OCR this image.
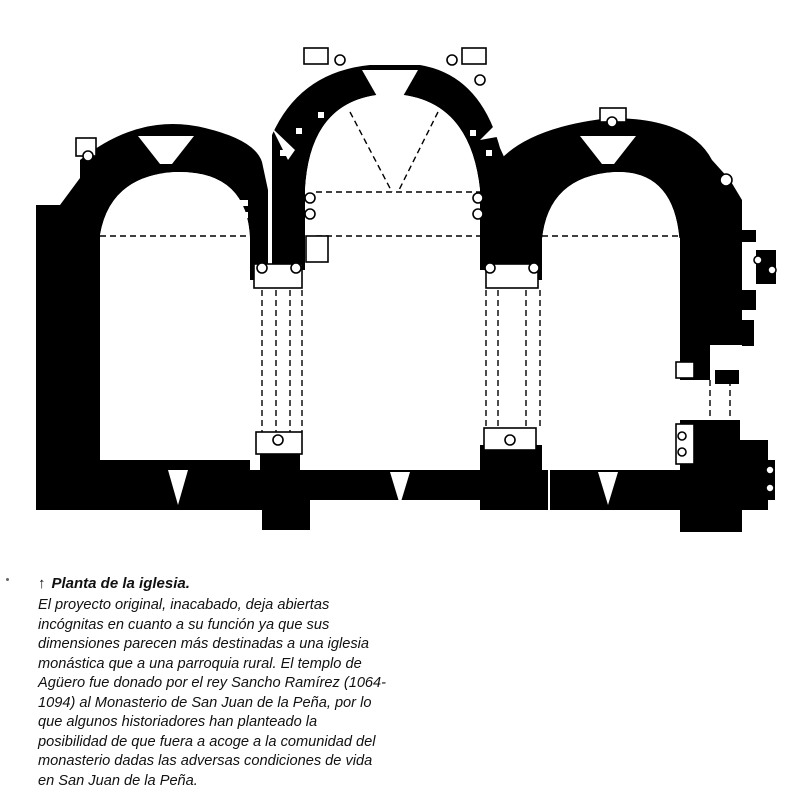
↑ Planta de la iglesia.

El proyecto original, inacabado, deja abiertas

incógnitas en cuanto a su función ya que sus

dimensiones parecen más destinadas a una iglesia

monástica que a una parroquia rural. El templo de

Agüero fue donado por el rey Sancho Ramírez (1064-

1094) al Monasterio de San Juan de la Peña, por lo

que algunos historiadores han planteado la

posibilidad de que fuera a acoge a la comunidad del

monasterio dadas las adversas condiciones de vida

en San Juan de la Peña.
